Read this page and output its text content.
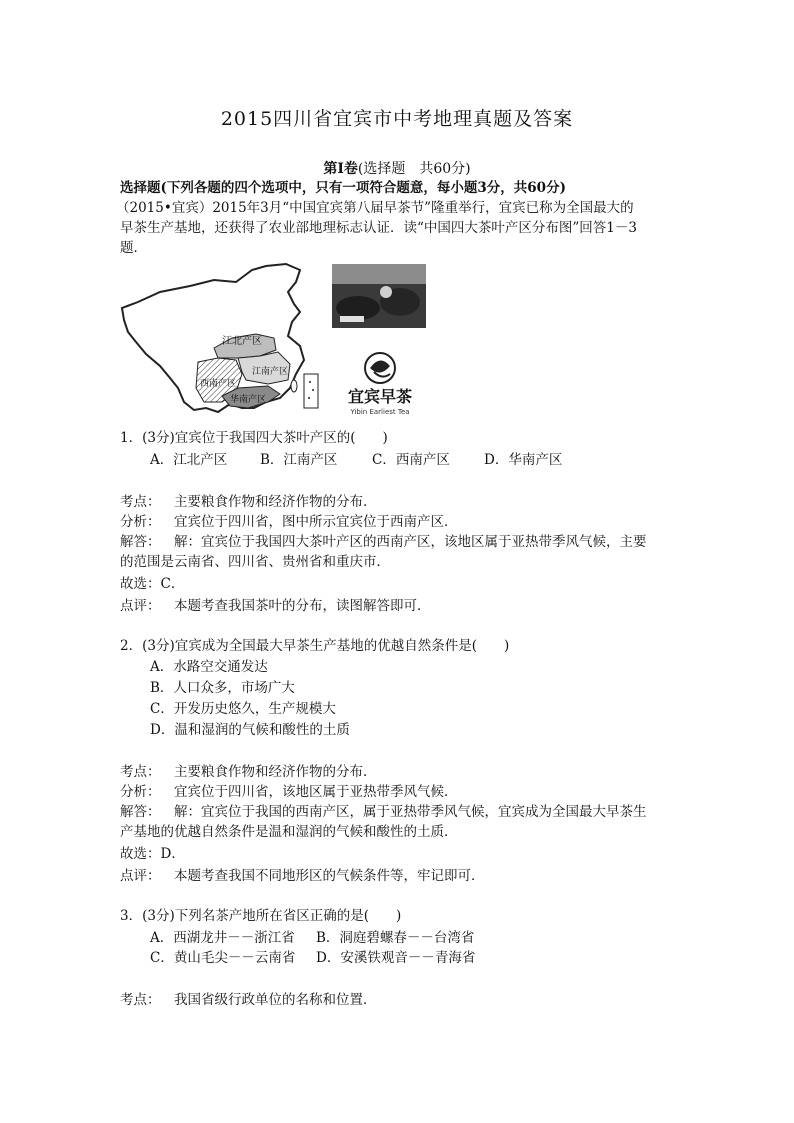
2015四川省宜宾市中考地理真题及答案
第Ⅰ卷(选择题　共60分)
选择题(下列各题的四个选项中，只有一项符合题意，每小题3分，共60分)
（2015•宜宾）2015年3月“中国宜宾第八届早茶节”隆重举行，宜宾已称为全国最大的
早茶生产基地，还获得了农业部地理标志认证．读“中国四大茶叶产区分布图”回答1－3
题．
江北产区
江南产区
西南产区
华南产区	宜宾早茶
Yibin Earliest Tea
1．(3分)宜宾位于我国四大茶叶产区的(　　)
A．江北产区 B．江南产区	C．西南产区	D．华南产区
考点： 主要粮食作物和经济作物的分布．
分析： 宜宾位于四川省，图中所示宜宾位于西南产区．
解答： 解：宜宾位于我国四大茶叶产区的西南产区，该地区属于亚热带季风气候，主要
的范围是云南省、四川省、贵州省和重庆市．
故选：C．
点评： 本题考查我国茶叶的分布，读图解答即可．
2．(3分)宜宾成为全国最大早茶生产基地的优越自然条件是(　　)
A．水路空交通发达
B．人口众多，市场广大
C．开发历史悠久，生产规模大
D．温和湿润的气候和酸性的土质
考点： 主要粮食作物和经济作物的分布．
分析： 宜宾位于四川省，该地区属于亚热带季风气候．
解答： 解：宜宾位于我国的西南产区，属于亚热带季风气候，宜宾成为全国最大早茶生
产基地的优越自然条件是温和湿润的气候和酸性的土质．
故选：D．
点评： 本题考查我国不同地形区的气候条件等，牢记即可．
3．(3分)下列名茶产地所在省区正确的是(　　)
A．西湖龙井－－浙江省 B．洞庭碧螺春－－台湾省
C．黄山毛尖－－云南省 D．安溪铁观音－－青海省
考点： 我国省级行政单位的名称和位置．
